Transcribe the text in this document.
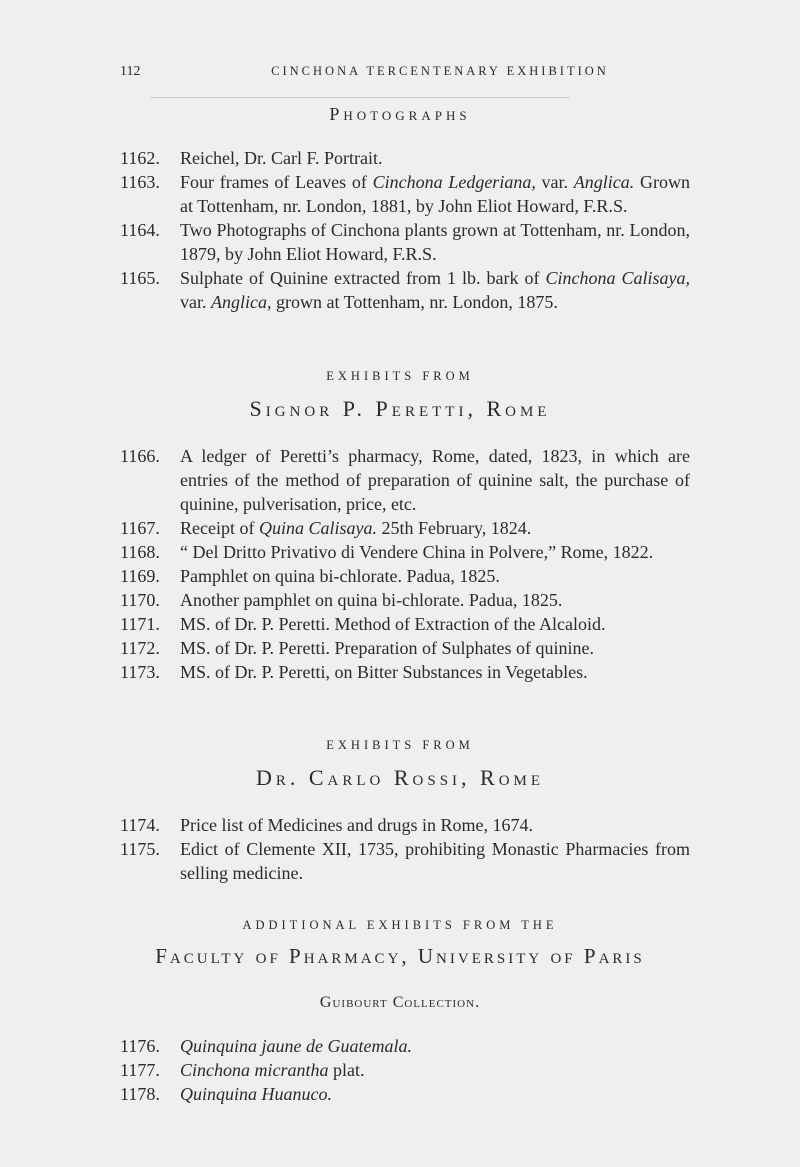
112	CINCHONA TERCENTENARY EXHIBITION
Photographs
1162.	Reichel, Dr. Carl F. Portrait.
1163.	Four frames of Leaves of Cinchona Ledgeriana, var. Anglica. Grown at Tottenham, nr. London, 1881, by John Eliot Howard, F.R.S.
1164.	Two Photographs of Cinchona plants grown at Tottenham, nr. London, 1879, by John Eliot Howard, F.R.S.
1165.	Sulphate of Quinine extracted from 1 lb. bark of Cinchona Calisaya, var. Anglica, grown at Tottenham, nr. London, 1875.
EXHIBITS FROM
Signor P. Peretti, Rome
1166.	A ledger of Peretti’s pharmacy, Rome, dated, 1823, in which are entries of the method of preparation of quinine salt, the purchase of quinine, pulverisation, price, etc.
1167.	Receipt of Quina Calisaya. 25th February, 1824.
1168.	“ Del Dritto Privativo di Vendere China in Polvere,” Rome, 1822.
1169.	Pamphlet on quina bi-chlorate. Padua, 1825.
1170.	Another pamphlet on quina bi-chlorate. Padua, 1825.
1171.	MS. of Dr. P. Peretti. Method of Extraction of the Alcaloid.
1172.	MS. of Dr. P. Peretti. Preparation of Sulphates of quinine.
1173.	MS. of Dr. P. Peretti, on Bitter Substances in Vegetables.
EXHIBITS FROM
Dr. Carlo Rossi, Rome
1174.	Price list of Medicines and drugs in Rome, 1674.
1175.	Edict of Clemente XII, 1735, prohibiting Monastic Pharmacies from selling medicine.
ADDITIONAL EXHIBITS FROM THE
Faculty of Pharmacy, University of Paris
Guibourt Collection.
1176.	Quinquina jaune de Guatemala.
1177.	Cinchona micrantha plat.
1178.	Quinquina Huanuco.
